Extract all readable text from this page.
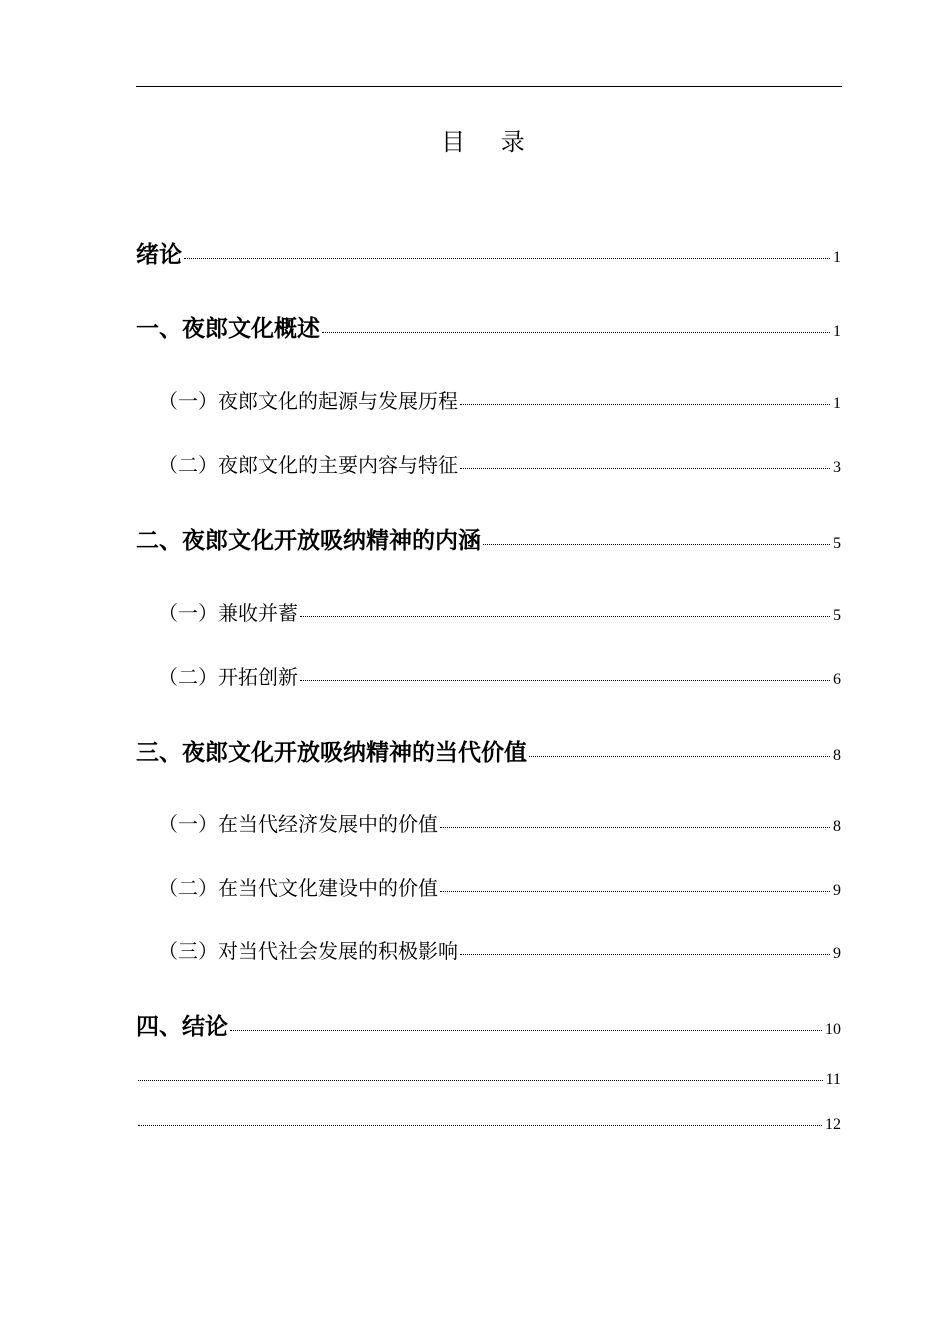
目 录
绪论	1
一、夜郎文化概述	1
（一）夜郎文化的起源与发展历程	1
（二）夜郎文化的主要内容与特征	3
二、夜郎文化开放吸纳精神的内涵	5
（一）兼收并蓄	5
（二）开拓创新	6
三、夜郎文化开放吸纳精神的当代价值	8
（一）在当代经济发展中的价值	8
（二）在当代文化建设中的价值	9
（三）对当代社会发展的积极影响	9
四、结论	10
11
12
